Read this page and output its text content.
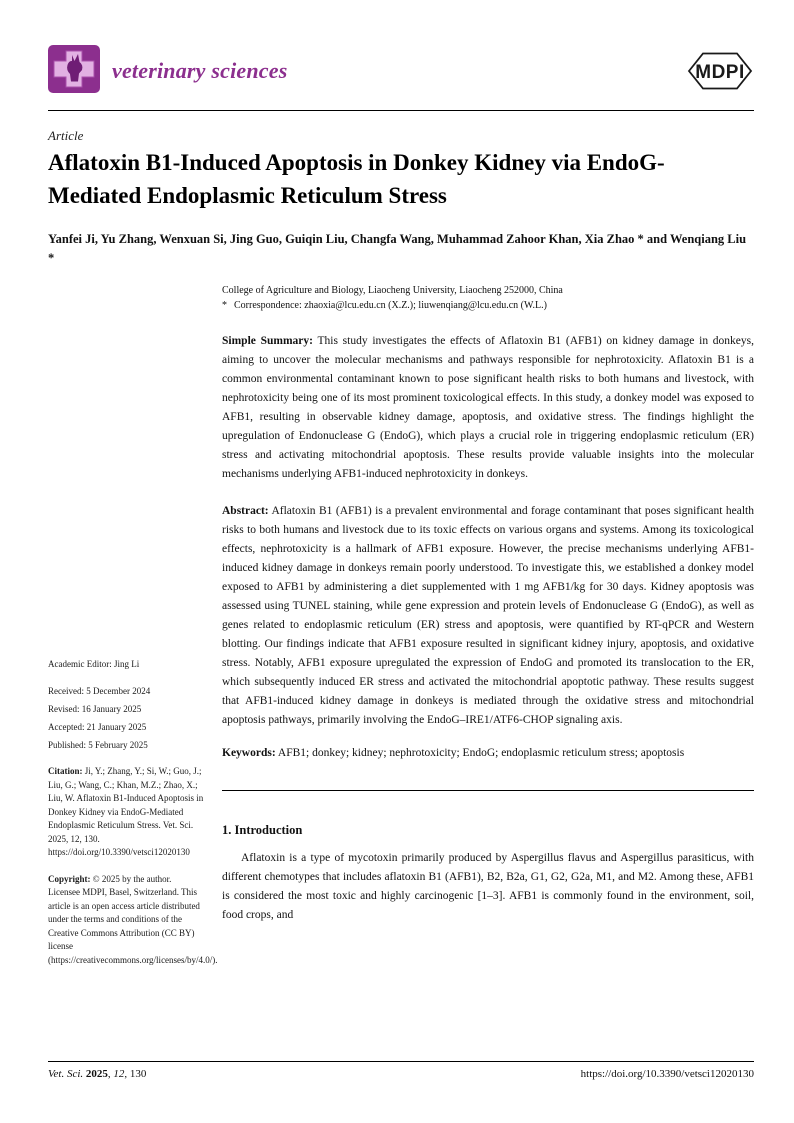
veterinary sciences	MDPI
Article
Aflatoxin B1-Induced Apoptosis in Donkey Kidney via EndoG-Mediated Endoplasmic Reticulum Stress
Yanfei Ji, Yu Zhang, Wenxuan Si, Jing Guo, Guiqin Liu, Changfa Wang, Muhammad Zahoor Khan, Xia Zhao * and Wenqiang Liu *
Academic Editor: Jing Li
Received: 5 December 2024
Revised: 16 January 2025
Accepted: 21 January 2025
Published: 5 February 2025
Citation: Ji, Y.; Zhang, Y.; Si, W.; Guo, J.; Liu, G.; Wang, C.; Khan, M.Z.; Zhao, X.; Liu, W. Aflatoxin B1-Induced Apoptosis in Donkey Kidney via EndoG-Mediated Endoplasmic Reticulum Stress. Vet. Sci. 2025, 12, 130. https://doi.org/10.3390/vetsci12020130
Copyright: © 2025 by the author. Licensee MDPI, Basel, Switzerland. This article is an open access article distributed under the terms and conditions of the Creative Commons Attribution (CC BY) license (https://creativecommons.org/licenses/by/4.0/).
College of Agriculture and Biology, Liaocheng University, Liaocheng 252000, China
* Correspondence: zhaoxia@lcu.edu.cn (X.Z.); liuwenqiang@lcu.edu.cn (W.L.)

Simple Summary: This study investigates the effects of Aflatoxin B1 (AFB1) on kidney damage in donkeys, aiming to uncover the molecular mechanisms and pathways responsible for nephrotoxicity. Aflatoxin B1 is a common environmental contaminant known to pose significant health risks to both humans and livestock, with nephrotoxicity being one of its most prominent toxicological effects. In this study, a donkey model was exposed to AFB1, resulting in observable kidney damage, apoptosis, and oxidative stress. The findings highlight the upregulation of Endonuclease G (EndoG), which plays a crucial role in triggering endoplasmic reticulum (ER) stress and activating mitochondrial apoptosis. These results provide valuable insights into the molecular mechanisms underlying AFB1-induced nephrotoxicity in donkeys.

Abstract: Aflatoxin B1 (AFB1) is a prevalent environmental and forage contaminant that poses significant health risks to both humans and livestock due to its toxic effects on various organs and systems. Among its toxicological effects, nephrotoxicity is a hallmark of AFB1 exposure. However, the precise mechanisms underlying AFB1-induced kidney damage in donkeys remain poorly understood. To investigate this, we established a donkey model exposed to AFB1 by administering a diet supplemented with 1 mg AFB1/kg for 30 days. Kidney apoptosis was assessed using TUNEL staining, while gene expression and protein levels of Endonuclease G (EndoG), as well as genes related to endoplasmic reticulum (ER) stress and apoptosis, were quantified by RT-qPCR and Western blotting. Our findings indicate that AFB1 exposure resulted in significant kidney injury, apoptosis, and oxidative stress. Notably, AFB1 exposure upregulated the expression of EndoG and promoted its translocation to the ER, which subsequently induced ER stress and activated the mitochondrial apoptotic pathway. These results suggest that AFB1-induced kidney damage in donkeys is mediated through the oxidative stress and mitochondrial apoptosis pathways, primarily involving the EndoG–IRE1/ATF6-CHOP signaling axis.

Keywords: AFB1; donkey; kidney; nephrotoxicity; EndoG; endoplasmic reticulum stress; apoptosis

1. Introduction

Aflatoxin is a type of mycotoxin primarily produced by Aspergillus flavus and Aspergillus parasiticus, with different chemotypes that includes aflatoxin B1 (AFB1), B2, B2a, G1, G2, G2a, M1, and M2. Among these, AFB1 is considered the most toxic and highly carcinogenic [1–3]. AFB1 is commonly found in the environment, soil, food crops, and

Vet. Sci. 2025, 12, 130	https://doi.org/10.3390/vetsci12020130
